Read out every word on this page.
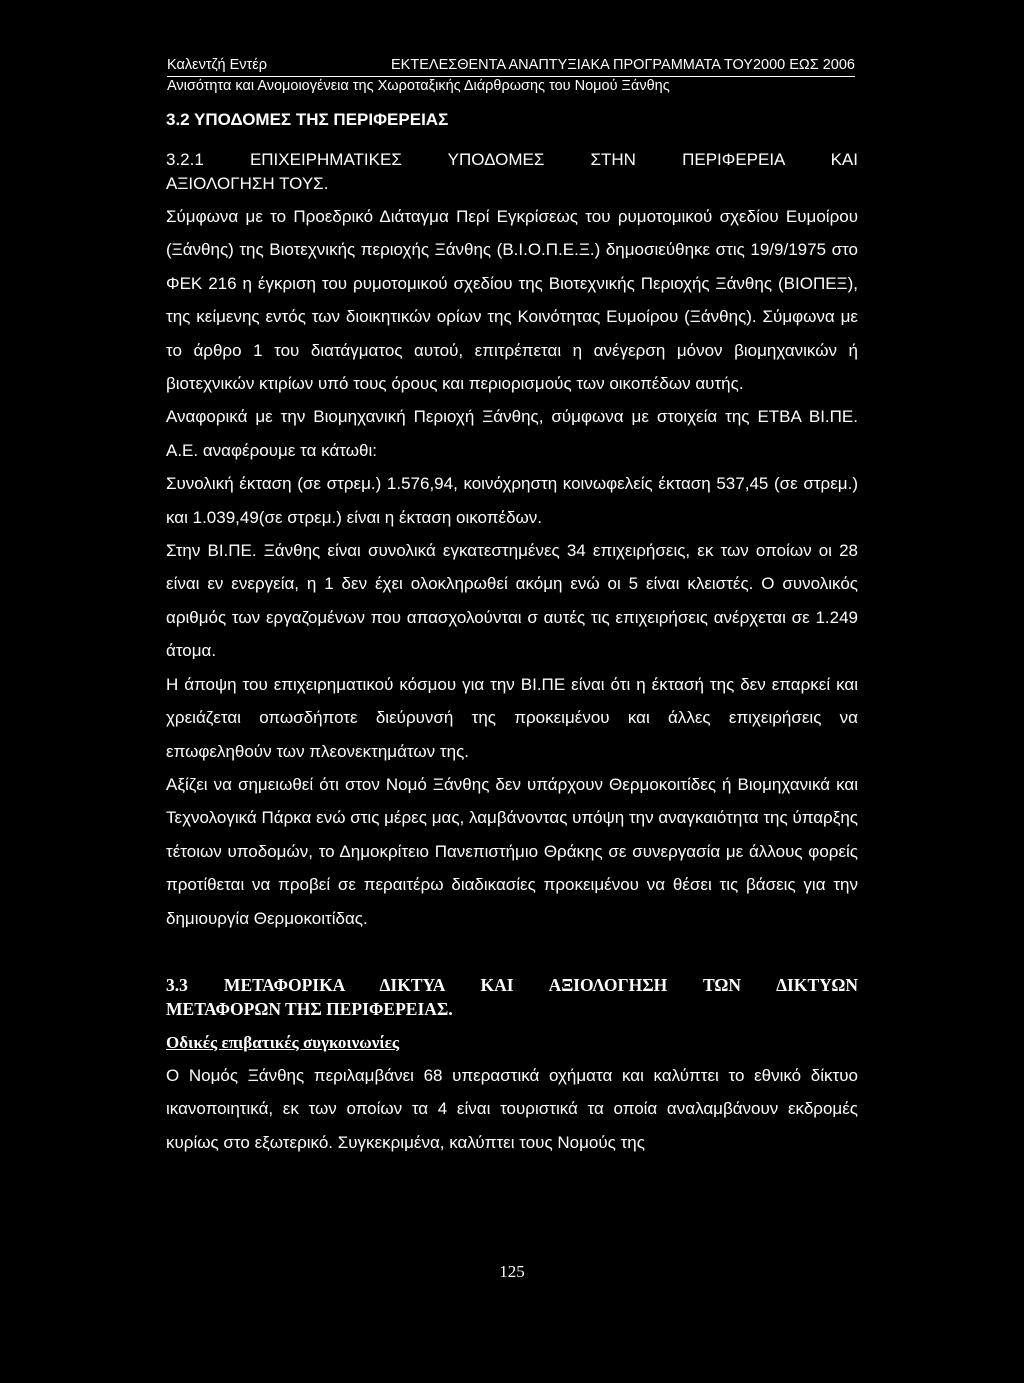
Καλεντζή Εντέρ	ΕΚΤΕΛΕΣΘΕΝΤΑ ΑΝΑΠΤΥΞΙΑΚΑ ΠΡΟΓΡΑΜΜΑΤΑ ΤΟΥ2000 ΕΩΣ 2006
Ανισότητα και Ανομοιογένεια της Χωροταξικής Διάρθρωσης του Νομού Ξάνθης
3.2 ΥΠΟΔΟΜΕΣ ΤΗΣ ΠΕΡΙΦΕΡΕΙΑΣ
3.2.1 ΕΠΙΧΕΙΡΗΜΑΤΙΚΕΣ ΥΠΟΔΟΜΕΣ ΣΤΗΝ ΠΕΡΙΦΕΡΕΙΑ ΚΑΙ
ΑΞΙΟΛΟΓΗΣΗ ΤΟΥΣ.

Σύμφωνα με το Προεδρικό Διάταγμα Περί Εγκρίσεως του ρυμοτομικού σχεδίου Ευμοίρου (Ξάνθης) της Βιοτεχνικής περιοχής Ξάνθης (Β.Ι.Ο.Π.Ε.Ξ.) δημοσιεύθηκε στις 19/9/1975 στο ΦΕΚ 216 η έγκριση του ρυμοτομικού σχεδίου της Βιοτεχνικής Περιοχής Ξάνθης (ΒΙΟΠΕΞ), της κείμενης εντός των διοικητικών ορίων της Κοινότητας Ευμοίρου (Ξάνθης). Σύμφωνα με το άρθρο 1 του διατάγματος αυτού, επιτρέπεται η ανέγερση μόνον βιομηχανικών ή βιοτεχνικών κτιρίων υπό τους όρους και περιορισμούς των οικοπέδων αυτής.

Αναφορικά με την Βιομηχανική Περιοχή Ξάνθης, σύμφωνα με στοιχεία της ΕΤΒΑ ΒΙ.ΠΕ. Α.Ε. αναφέρουμε τα κάτωθι:

Συνολική έκταση (σε στρεμ.) 1.576,94, κοινόχρηστη κοινωφελείς έκταση 537,45 (σε στρεμ.) και 1.039,49(σε στρεμ.) είναι η έκταση οικοπέδων.

Στην ΒΙ.ΠΕ. Ξάνθης είναι συνολικά εγκατεστημένες 34 επιχειρήσεις, εκ των οποίων οι 28 είναι εν ενεργεία, η 1 δεν έχει ολοκληρωθεί ακόμη ενώ οι 5 είναι κλειστές. Ο συνολικός αριθμός των εργαζομένων που απασχολούνται σ αυτές τις επιχειρήσεις ανέρχεται σε 1.249 άτομα.

Η άποψη του επιχειρηματικού κόσμου για την ΒΙ.ΠΕ είναι ότι η έκτασή της δεν επαρκεί και χρειάζεται οπωσδήποτε διεύρυνσή της προκειμένου και άλλες επιχειρήσεις να επωφεληθούν των πλεονεκτημάτων της.

Αξίζει να σημειωθεί ότι στον Νομό Ξάνθης δεν υπάρχουν Θερμοκοιτίδες ή Βιομηχανικά και Τεχνολογικά Πάρκα ενώ στις μέρες μας, λαμβάνοντας υπόψη την αναγκαιότητα της ύπαρξης τέτοιων υποδομών, το Δημοκρίτειο Πανεπιστήμιο Θράκης σε συνεργασία με άλλους φορείς προτίθεται να προβεί σε περαιτέρω διαδικασίες προκειμένου να θέσει τις βάσεις για την δημιουργία Θερμοκοιτίδας.

3.3 ΜΕΤΑΦΟΡΙΚΑ ΔΙΚΤΥΑ ΚΑΙ ΑΞΙΟΛΟΓΗΣΗ ΤΩΝ ΔΙΚΤΥΩΝ
ΜΕΤΑΦΟΡΩΝ ΤΗΣ ΠΕΡΙΦΕΡΕΙΑΣ.
Οδικές επιβατικές συγκοινωνίες

Ο Νομός Ξάνθης περιλαμβάνει 68 υπεραστικά οχήματα και καλύπτει το εθνικό δίκτυο ικανοποιητικά, εκ των οποίων τα 4 είναι τουριστικά τα οποία αναλαμβάνουν εκδρομές κυρίως στο εξωτερικό. Συγκεκριμένα, καλύπτει τους Νομούς της

125
